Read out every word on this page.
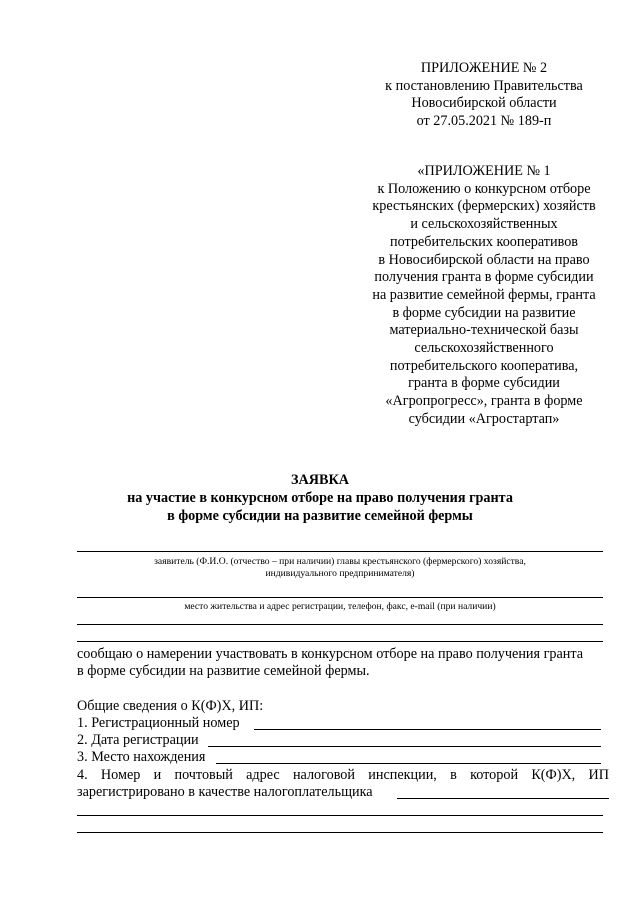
ПРИЛОЖЕНИЕ № 2
к постановлению Правительства
Новосибирской области
от 27.05.2021 № 189-п
«ПРИЛОЖЕНИЕ № 1
к Положению о конкурсном отборе
крестьянских (фермерских) хозяйств
и сельскохозяйственных
потребительских кооперативов
в Новосибирской области на право
получения гранта в форме субсидии
на развитие семейной фермы, гранта
в форме субсидии на развитие
материально-технической базы
сельскохозяйственного
потребительского кооператива,
гранта в форме субсидии
«Агропрогресс», гранта в форме
субсидии «Агростартап»
ЗАЯВКА
на участие в конкурсном отборе на право получения гранта
в форме субсидии на развитие семейной фермы
заявитель (Ф.И.О. (отчество – при наличии) главы крестьянского (фермерского) хозяйства,
индивидуального предпринимателя)
место жительства и адрес регистрации, телефон, факс, e-mail (при наличии)
сообщаю о намерении участвовать в конкурсном отборе на право получения гранта
в форме субсидии на развитие семейной фермы.
Общие сведения о К(Ф)Х, ИП:
1. Регистрационный номер
2. Дата регистрации
3. Место нахождения
4. Номер и почтовый адрес налоговой инспекции, в которой К(Ф)Х, ИП
зарегистрировано в качестве налогоплательщика
